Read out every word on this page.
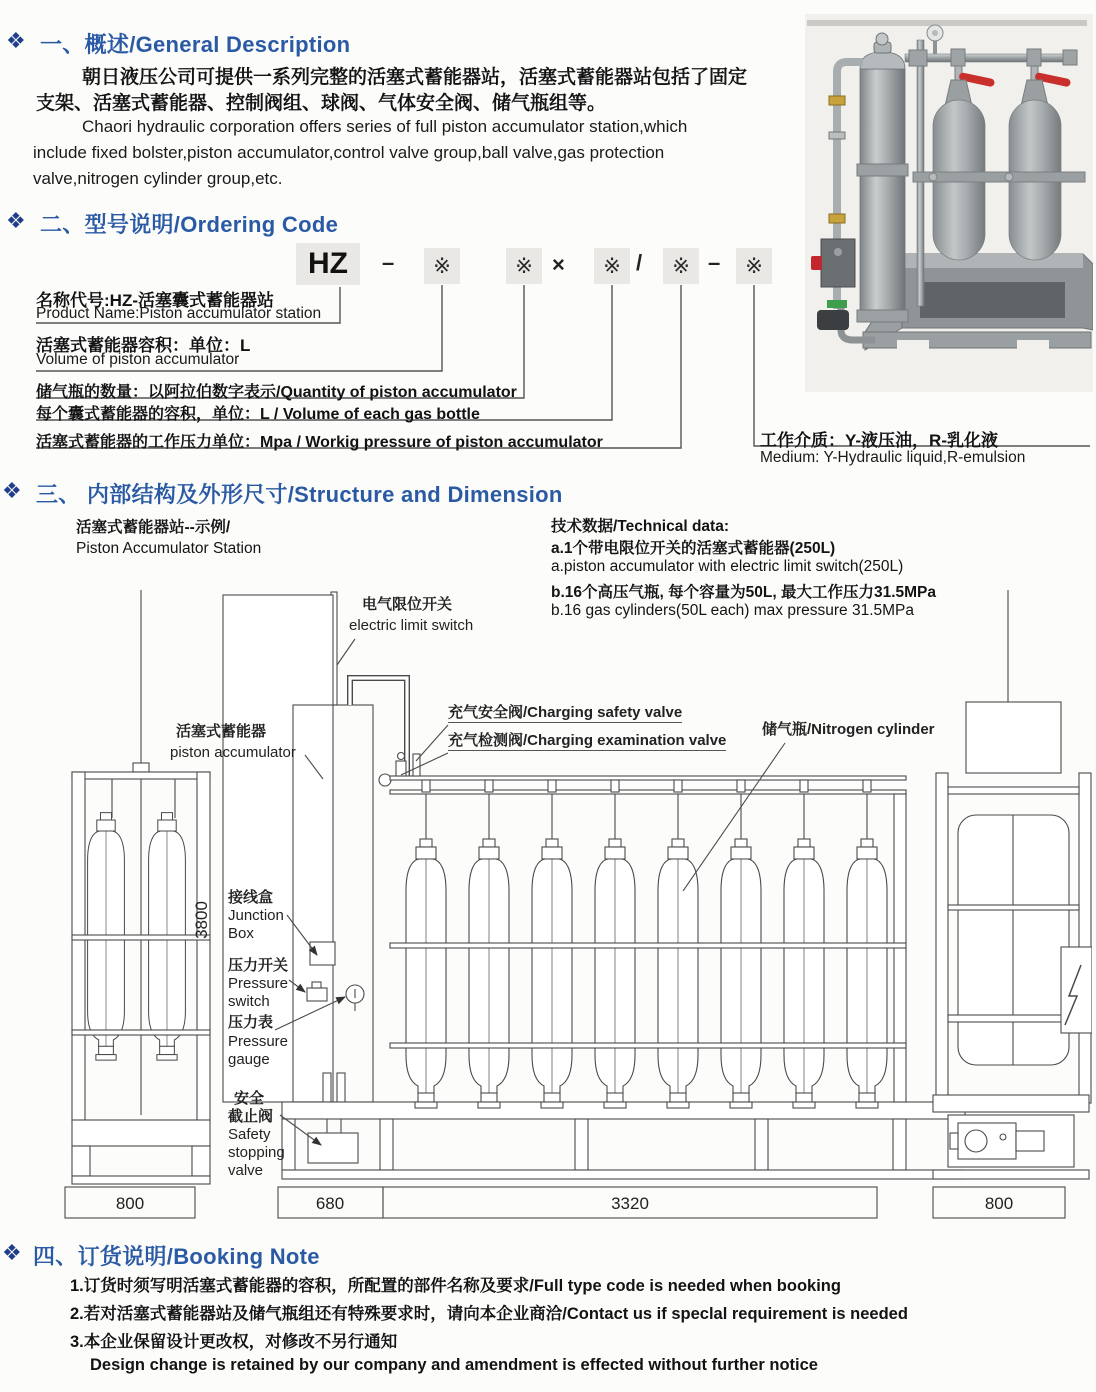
❖ 一、概述/General Description
朝日液压公司可提供一系列完整的活塞式蓄能器站，活塞式蓄能器站包括了固定
支架、活塞式蓄能器、控制阀组、球阀、气体安全阀、储气瓶组等。
Chaori hydraulic corporation offers series of full piston accumulator station,which
include fixed bolster,piston accumulator,control valve group,ball valve,gas protection
valve,nitrogen cylinder group,etc.
❖ 二、型号说明/Ordering Code
HZ – ※	※ × ※ / ※ – ※
名称代号:HZ-活塞囊式蓄能器站
Product Name:Piston accumulator station
活塞式蓄能器容积：单位：L
Volume of piston accumulator
储气瓶的数量：以阿拉伯数字表示/Quantity of piston accumulator
每个囊式蓄能器的容积，单位：L / Volume of each gas bottle
活塞式蓄能器的工作压力单位：Mpa / Workig pressure of piston accumulator	工作介质：Y-液压油，R-乳化液
Medium: Y-Hydraulic liquid,R-emulsion
❖ 三、 内部结构及外形尺寸/Structure and Dimension
活塞式蓄能器站--示例/
Piston Accumulator Station
技术数据/Technical data:
a.1个带电限位开关的活塞式蓄能器(250L)
a.piston accumulator with electric limit switch(250L)
b.16个高压气瓶, 每个容量为50L, 最大工作压力31.5MPa
b.16 gas cylinders(50L each) max pressure 31.5MPa
800	680	3320	800
3800
电气限位开关
electric limit switch
活塞式蓄能器
piston accumulator
充气安全阀/Charging safety valve
充气检测阀/Charging examination valve
储气瓶/Nitrogen cylinder
接线盒
Junction
Box
压力开关
Pressure
switch
压力表
Pressure
gauge
安全
截止阀
Safety
stopping
valve
❖ 四、订货说明/Booking Note
1.订货时须写明活塞式蓄能器的容积，所配置的部件名称及要求/Full type code is needed when booking
2.若对活塞式蓄能器站及储气瓶组还有特殊要求时，请向本企业商洽/Contact us if speclal requirement is needed
3.本企业保留设计更改权，对修改不另行通知
Design change is retained by our company and amendment is effected without further notice
